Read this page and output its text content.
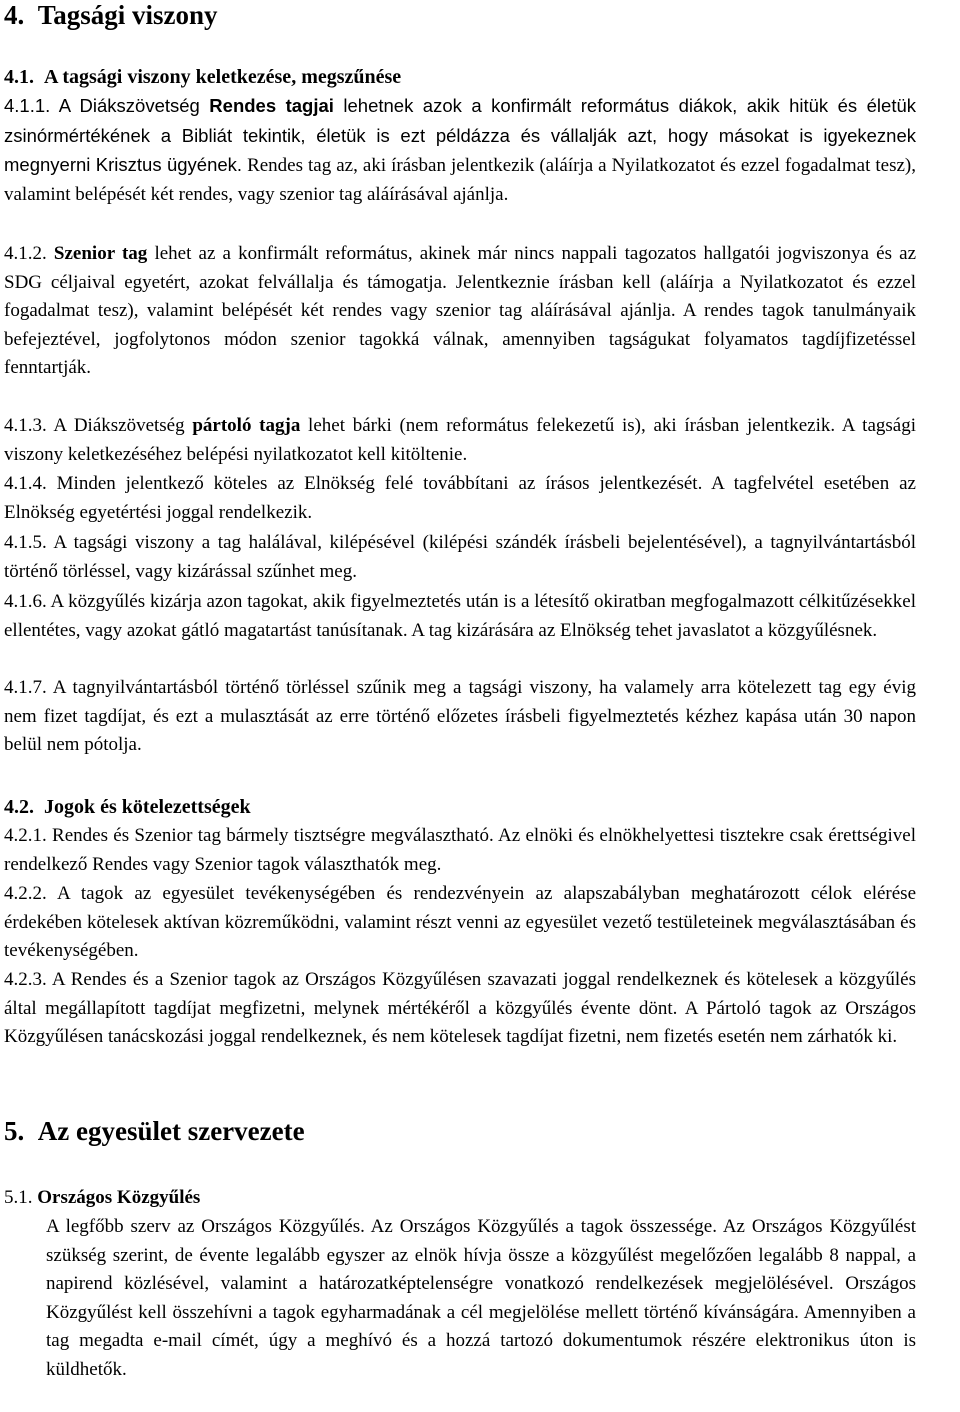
4. Tagsági viszony
4.1. A tagsági viszony keletkezése, megszűnése
4.1.1. A Diákszövetség Rendes tagjai lehetnek azok a konfirmált református diákok, akik hitük és életük zsinórmértékének a Bibliát tekintik, életük is ezt példázza és vállalják azt, hogy másokat is igyekeznek megnyerni Krisztus ügyének. Rendes tag az, aki írásban jelentkezik (aláírja a Nyilatkozatot és ezzel fogadalmat tesz), valamint belépését két rendes, vagy szenior tag aláírásával ajánlja.
4.1.2. Szenior tag lehet az a konfirmált református, akinek már nincs nappali tagozatos hallgatói jogviszonya és az SDG céljaival egyetért, azokat felvállalja és támogatja. Jelentkeznie írásban kell (aláírja a Nyilatkozatot és ezzel fogadalmat tesz), valamint belépését két rendes vagy szenior tag aláírásával ajánlja. A rendes tagok tanulmányaik befejeztével, jogfolytonos módon szenior tagokká válnak, amennyiben tagságukat folyamatos tagdíjfizetéssel fenntartják.
4.1.3. A Diákszövetség pártoló tagja lehet bárki (nem református felekezetű is), aki írásban jelentkezik. A tagsági viszony keletkezéséhez belépési nyilatkozatot kell kitöltenie.
4.1.4. Minden jelentkező köteles az Elnökség felé továbbítani az írásos jelentkezését. A tagfelvétel esetében az Elnökség egyetértési joggal rendelkezik.
4.1.5. A tagsági viszony a tag halálával, kilépésével (kilépési szándék írásbeli bejelentésével), a tagnyilvántartásból történő törléssel, vagy kizárással szűnhet meg.
4.1.6. A közgyűlés kizárja azon tagokat, akik figyelmeztetés után is a létesítő okiratban megfogalmazott célkitűzésekkel ellentétes, vagy azokat gátló magatartást tanúsítanak. A tag kizárására az Elnökség tehet javaslatot a közgyűlésnek.
4.1.7. A tagnyilvántartásból történő törléssel szűnik meg a tagsági viszony, ha valamely arra kötelezett tag egy évig nem fizet tagdíjat, és ezt a mulasztását az erre történő előzetes írásbeli figyelmeztetés kézhez kapása után 30 napon belül nem pótolja.
4.2. Jogok és kötelezettségek
4.2.1. Rendes és Szenior tag bármely tisztségre megválasztható. Az elnöki és elnökhelyettesi tisztekre csak érettségivel rendelkező Rendes vagy Szenior tagok választhatók meg.
4.2.2. A tagok az egyesület tevékenységében és rendezvényein az alapszabályban meghatározott célok elérése érdekében kötelesek aktívan közreműködni, valamint részt venni az egyesület vezető testületeinek megválasztásában és tevékenységében.
4.2.3. A Rendes és a Szenior tagok az Országos Közgyűlésen szavazati joggal rendelkeznek és kötelesek a közgyűlés által megállapított tagdíjat megfizetni, melynek mértékéről a közgyűlés évente dönt. A Pártoló tagok az Országos Közgyűlésen tanácskozási joggal rendelkeznek, és nem kötelesek tagdíjat fizetni, nem fizetés esetén nem zárhatók ki.
5. Az egyesület szervezete
5.1. Országos Közgyűlés
A legfőbb szerv az Országos Közgyűlés. Az Országos Közgyűlés a tagok összessége. Az Országos Közgyűlést szükség szerint, de évente legalább egyszer az elnök hívja össze a közgyűlést megelőzően legalább 8 nappal, a napirend közlésével, valamint a határozatképtelenségre vonatkozó rendelkezések megjelölésével. Országos Közgyűlést kell összehívni a tagok egyharmadának a cél megjelölése mellett történő kívánságára. Amennyiben a tag megadta e-mail címét, úgy a meghívó és a hozzá tartozó dokumentumok részére elektronikus úton is küldhetők.
